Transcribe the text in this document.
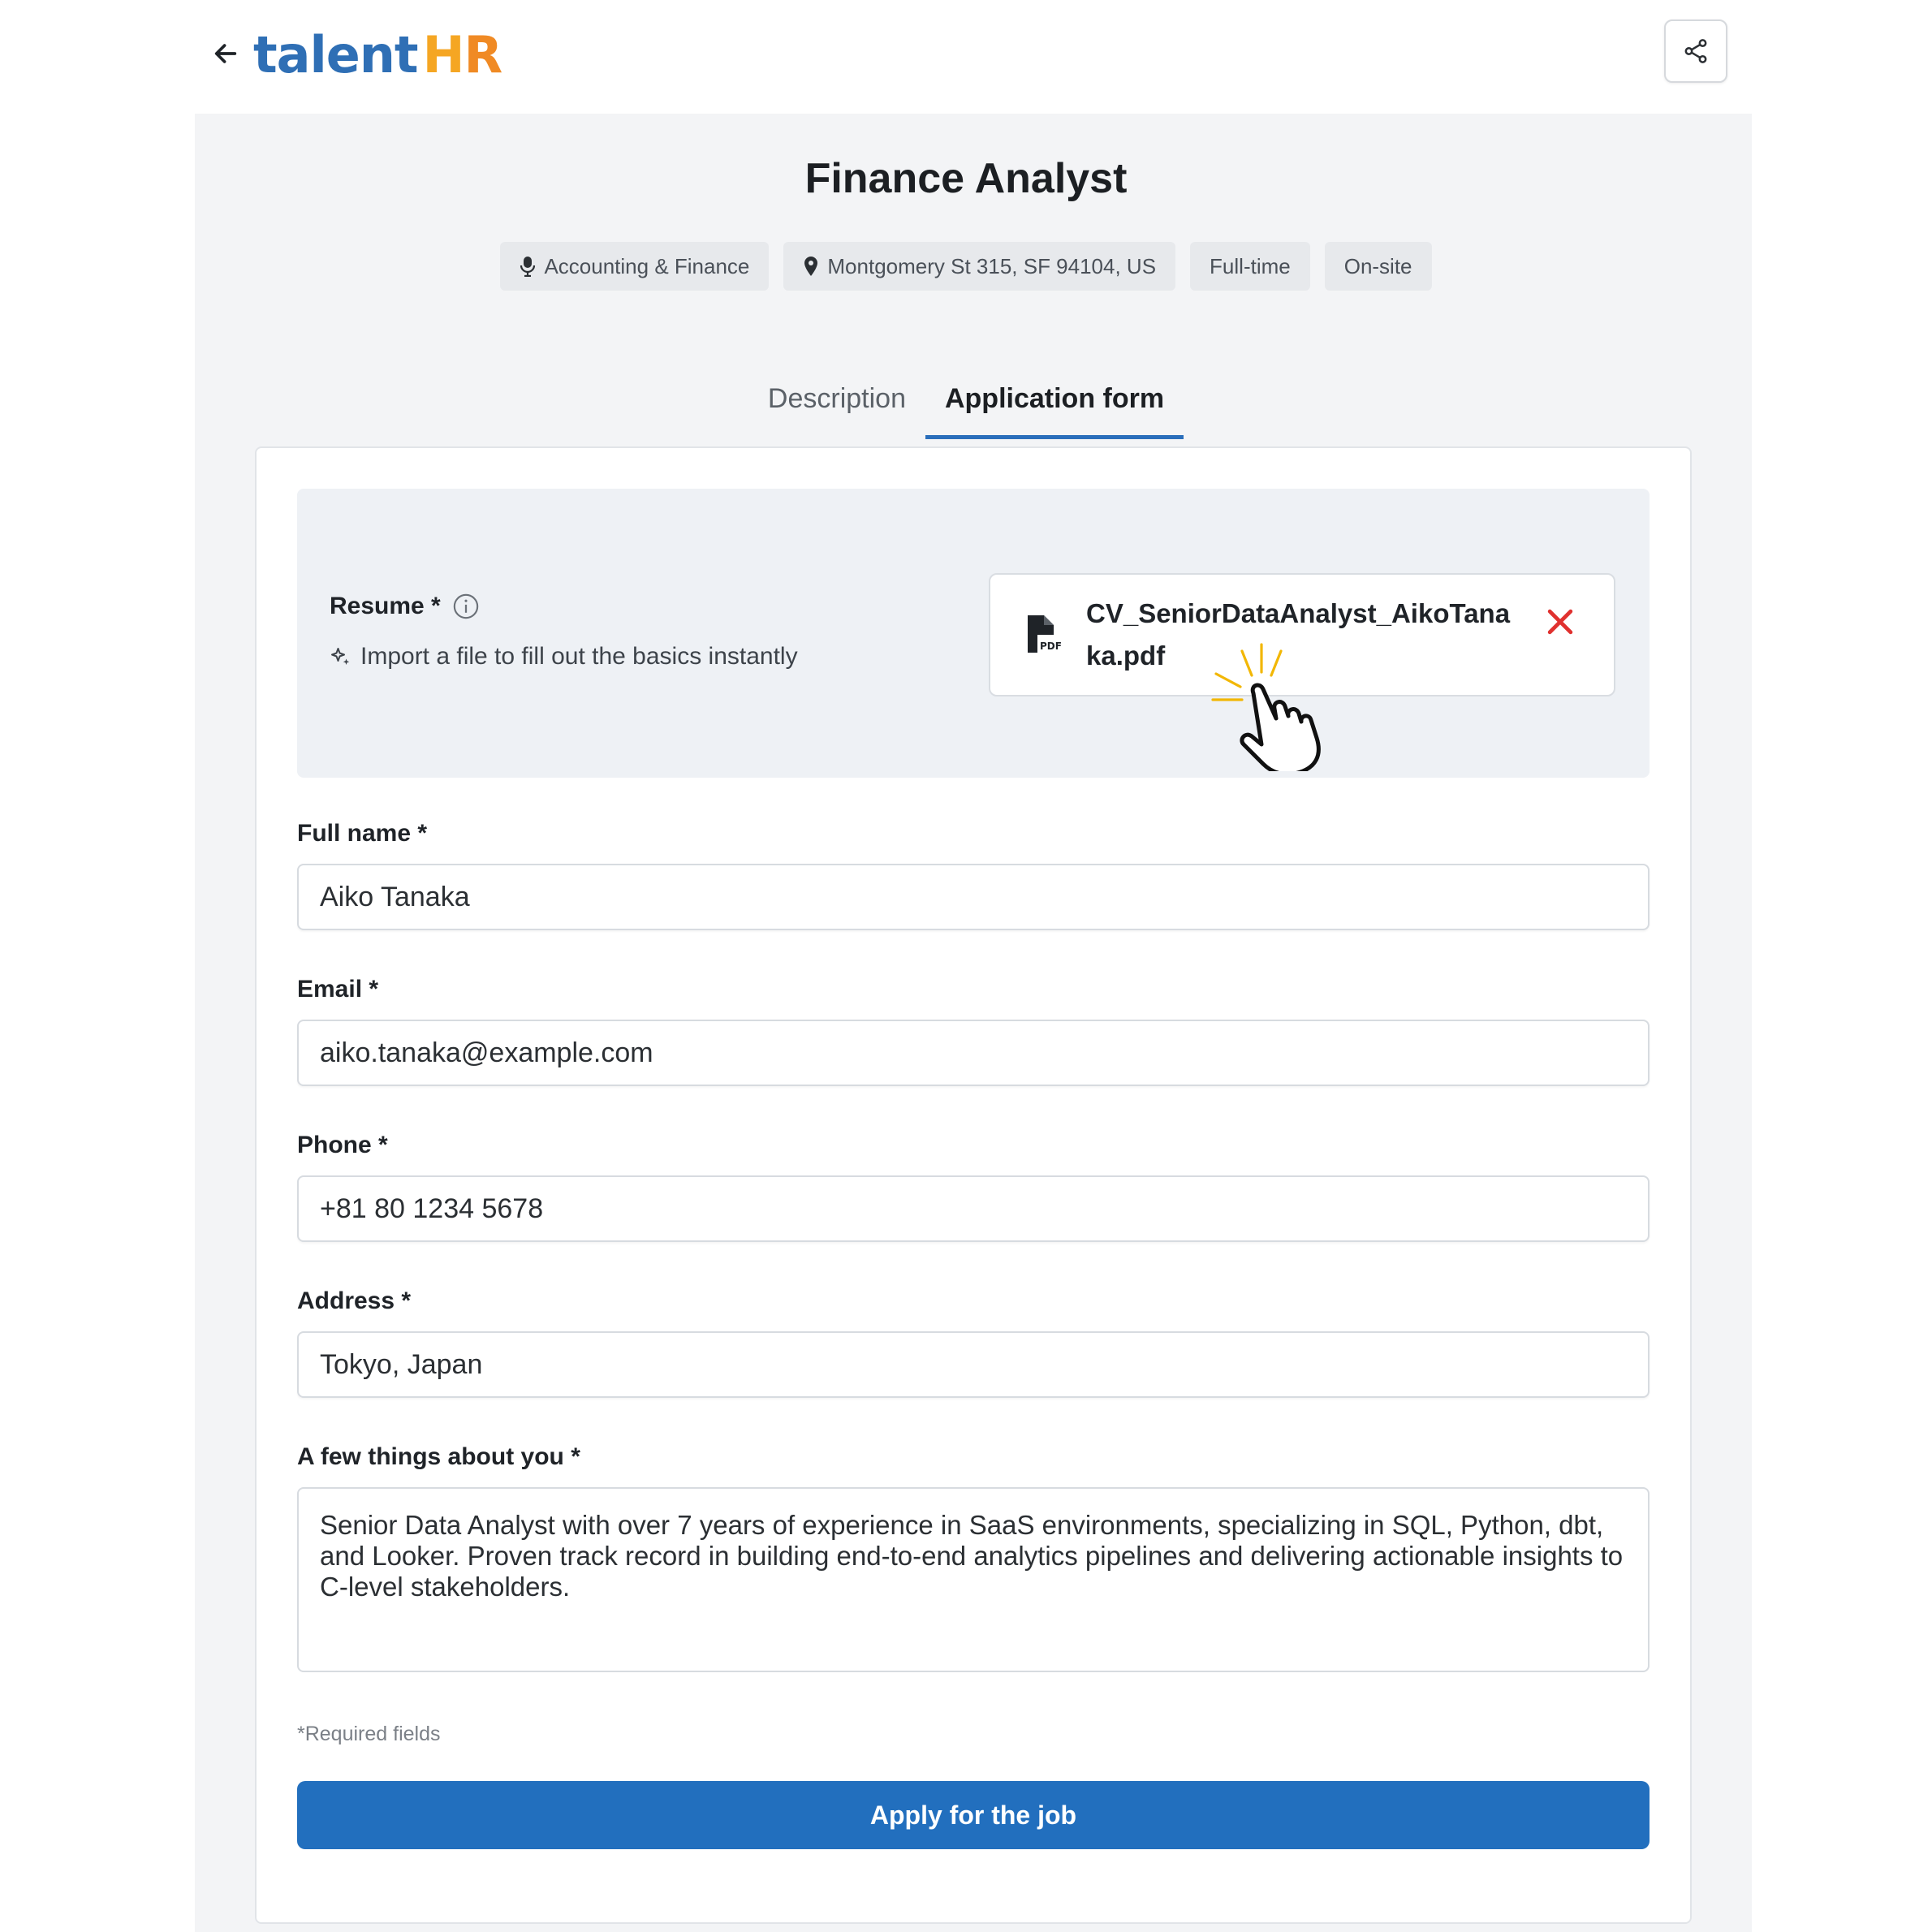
talent H R
Finance Analyst
Accounting & Finance	Montgomery St 315, SF 94104, US	Full-time	On-site
Description	Application form
Resume *
Import a file to fill out the basics instantly	PDF
CV_SeniorDataAnalyst_AikoTanaka.pdf
Full name *
Aiko Tanaka
Email *
aiko.tanaka@example.com
Phone *
+81 80 1234 5678
Address *
Tokyo, Japan
A few things about you *
Senior Data Analyst with over 7 years of experience in SaaS environments, specializing in SQL, Python, dbt, and Looker. Proven track record in building end-to-end analytics pipelines and delivering actionable insights to C-level stakeholders.
*Required fields
Apply for the job
